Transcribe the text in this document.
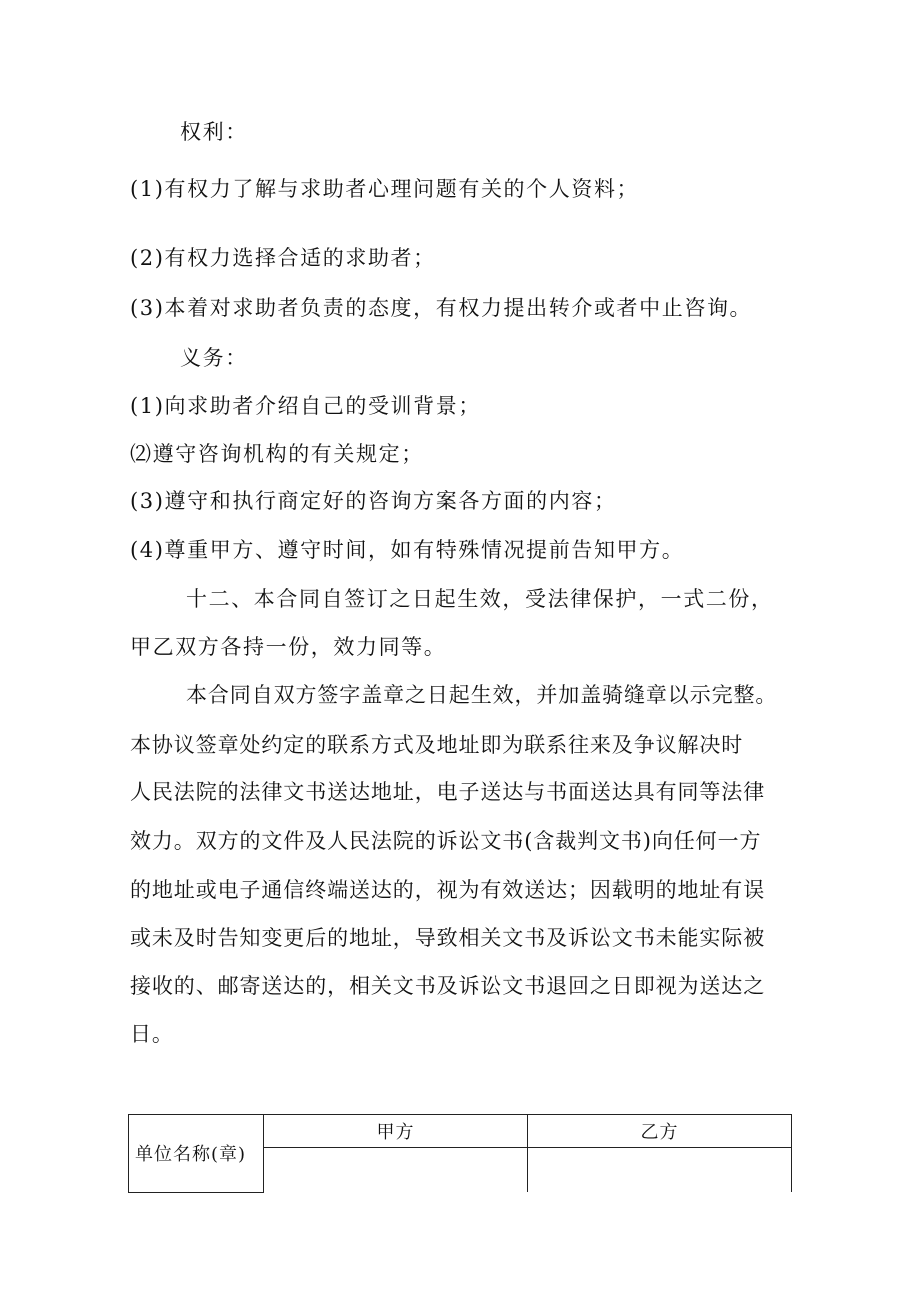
权利：
(1)有权力了解与求助者心理问题有关的个人资料；
(2)有权力选择合适的求助者；
(3)本着对求助者负责的态度，有权力提出转介或者中止咨询。
义务：
(1)向求助者介绍自己的受训背景；
⑵遵守咨询机构的有关规定；
(3)遵守和执行商定好的咨询方案各方面的内容；
(4)尊重甲方、遵守时间，如有特殊情况提前告知甲方。
十二、本合同自签订之日起生效，受法律保护，一式二份，
甲乙双方各持一份，效力同等。
本合同自双方签字盖章之日起生效，并加盖骑缝章以示完整。
本协议签章处约定的联系方式及地址即为联系往来及争议解决时
人民法院的法律文书送达地址，电子送达与书面送达具有同等法律
效力。双方的文件及人民法院的诉讼文书(含裁判文书)向任何一方
的地址或电子通信终端送达的，视为有效送达；因载明的地址有误
或未及时告知变更后的地址，导致相关文书及诉讼文书未能实际被
接收的、邮寄送达的，相关文书及诉讼文书退回之日即视为送达之
日。
单位名称(章)	甲方	乙方
